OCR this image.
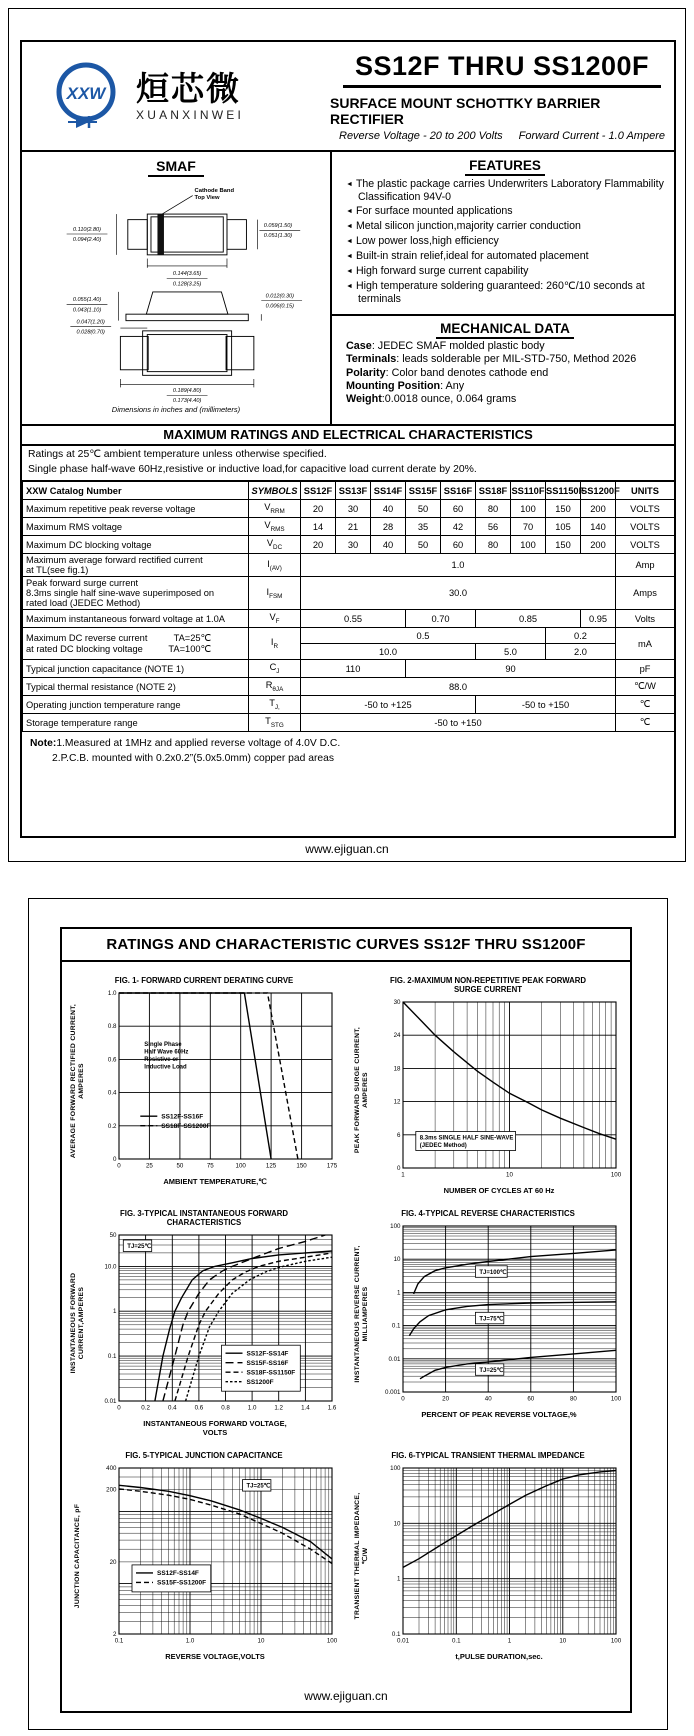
XXW 烜芯微
XUANXINWEI
SS12F THRU SS1200F
SURFACE MOUNT SCHOTTKY BARRIER RECTIFIER
Reverse Voltage - 20 to 200 Volts Forward Current - 1.0 Ampere
SMAF
Cathode Band
Top View
0.110(2.80)
0.094(2.40)
0.059(1.50)
0.051(1.30)
0.144(3.65)
0.128(3.25)
0.055(1.40)
0.043(1.10)
0.012(0.30)
0.006(0.15)
0.047(1.20)
0.028(0.70)
0.189(4.80)
0.173(4.40)
Dimensions in inches and (millimeters)
FEATURES
◄ The plastic package carries Underwriters Laboratory Flammability Classification 94V-0
◄ For surface mounted applications
◄ Metal silicon junction,majority carrier conduction
◄ Low power loss,high efficiency
◄ Built-in strain relief,ideal for automated placement
◄ High forward surge current capability
◄ High temperature soldering guaranteed: 260℃/10 seconds at terminals
MECHANICAL DATA
Case: JEDEC SMAF molded plastic body
Terminals: leads solderable per MIL-STD-750, Method 2026
Polarity: Color band denotes cathode end
Mounting Position: Any
Weight:0.0018 ounce, 0.064 grams
MAXIMUM RATINGS AND ELECTRICAL CHARACTERISTICS
Ratings at 25℃ ambient temperature unless otherwise specified.
Single phase half-wave 60Hz,resistive or inductive load,for capacitive load current derate by 20%.
XXW Catalog Number	SYMBOLS	SS12F	SS13F	SS14F	SS15F	SS16F	SS18F	SS110F	SS1150F	SS1200F	UNITS

Maximum repetitive peak reverse voltage	$V_{RRM}$	20	30	40	50	60	80	100	150	200	VOLTS

Maximum RMS voltage	$V_{RMS}$	14	21	28	35	42	56	70	105	140	VOLTS

Maximum DC blocking voltage	$V_{DC}$	20	30	40	50	60	80	100	150	200	VOLTS

Maximum average forward rectified current
at TL(see fig.1)	$I_{(AV)}$	1.0									Amp

Peak forward surge current
8.3ms single half sine-wave superimposed on
rated load (JEDEC Method)	$I_{FSM}$	30.0									Amps

Maximum instantaneous forward voltage at 1.0A	$V_F$	0.55			0.70		0.85			0.95	Volts

Maximum DC reverse current TA=25℃
at rated DC blocking voltage TA=100℃	$I_R$	0.5							0.2		mA
		10.0					5.0		2.0		

Typical junction capacitance (NOTE 1)	$C_J$	110			90						pF

Typical thermal resistance (NOTE 2)	$R_{\theta JA}$	88.0									℃/W

Operating junction temperature range	$T_{J,}$	-50 to +125					-50 to +150				℃

Storage temperature range	$T_{STG}$	-50 to +150									℃
Note:1.Measured at 1MHz and applied reverse voltage of 4.0V D.C.
2.P.C.B. mounted with 0.2x0.2”(5.0x5.0mm) copper pad areas
www.ejiguan.cn
RATINGS AND CHARACTERISTIC CURVES SS12F THRU SS1200F
FIG. 1- FORWARD CURRENT DERATING CURVE
AVERAGE FORWARD RECTIFIED CURRENT, AMPERES
0	25	50	75	100	125	150	175
0
0.2
0.4
0.6
0.8
1.0
Single Phase
Half Wave 60Hz
Resistive or
Inductive Load
SS12F-SS16F
SS18F-SS1200F
AMBIENT TEMPERATURE,℃
FIG. 2-MAXIMUM NON-REPETITIVE PEAK FORWARD
SURGE CURRENT
PEAK FORWARD SURGE CURRENT, AMPERES
1	10	100
0
6
12
18
24
30
8.3ms SINGLE HALF SINE-WAVE
(JEDEC Method)
NUMBER OF CYCLES AT 60 Hz
FIG. 3-TYPICAL INSTANTANEOUS FORWARD
CHARACTERISTICS
INSTANTANEOUS FORWARD CURRENT,AMPERES
0	0.2	0.4	0.6	0.8	1.0	1.2	1.4	1.6
0.01
0.1
1
10.0
50
TJ=25℃
SS12F-SS14F
SS15F-SS16F
SS18F-SS1150F
SS1200F
INSTANTANEOUS FORWARD VOLTAGE,
VOLTS
FIG. 4-TYPICAL REVERSE CHARACTERISTICS
INSTANTANEOUS REVERSE CURRENT, MILLIAMPERES
0	20	40	60	80	100
0.001
0.01
0.1
1
10
100
TJ=100℃
TJ=75℃
TJ=25℃
PERCENT OF PEAK REVERSE VOLTAGE,%
FIG. 5-TYPICAL JUNCTION CAPACITANCE
JUNCTION CAPACITANCE, pF
0.1	1.0	10	100
2
20
200
400
TJ=25℃
SS12F-SS14F
SS15F-SS1200F
REVERSE VOLTAGE,VOLTS
FIG. 6-TYPICAL TRANSIENT THERMAL IMPEDANCE
TRANSIENT THERMAL IMPEDANCE, ℃/W
0.01	0.1	1	10	100
0.1
1
10
100
t,PULSE DURATION,sec.
www.ejiguan.cn
